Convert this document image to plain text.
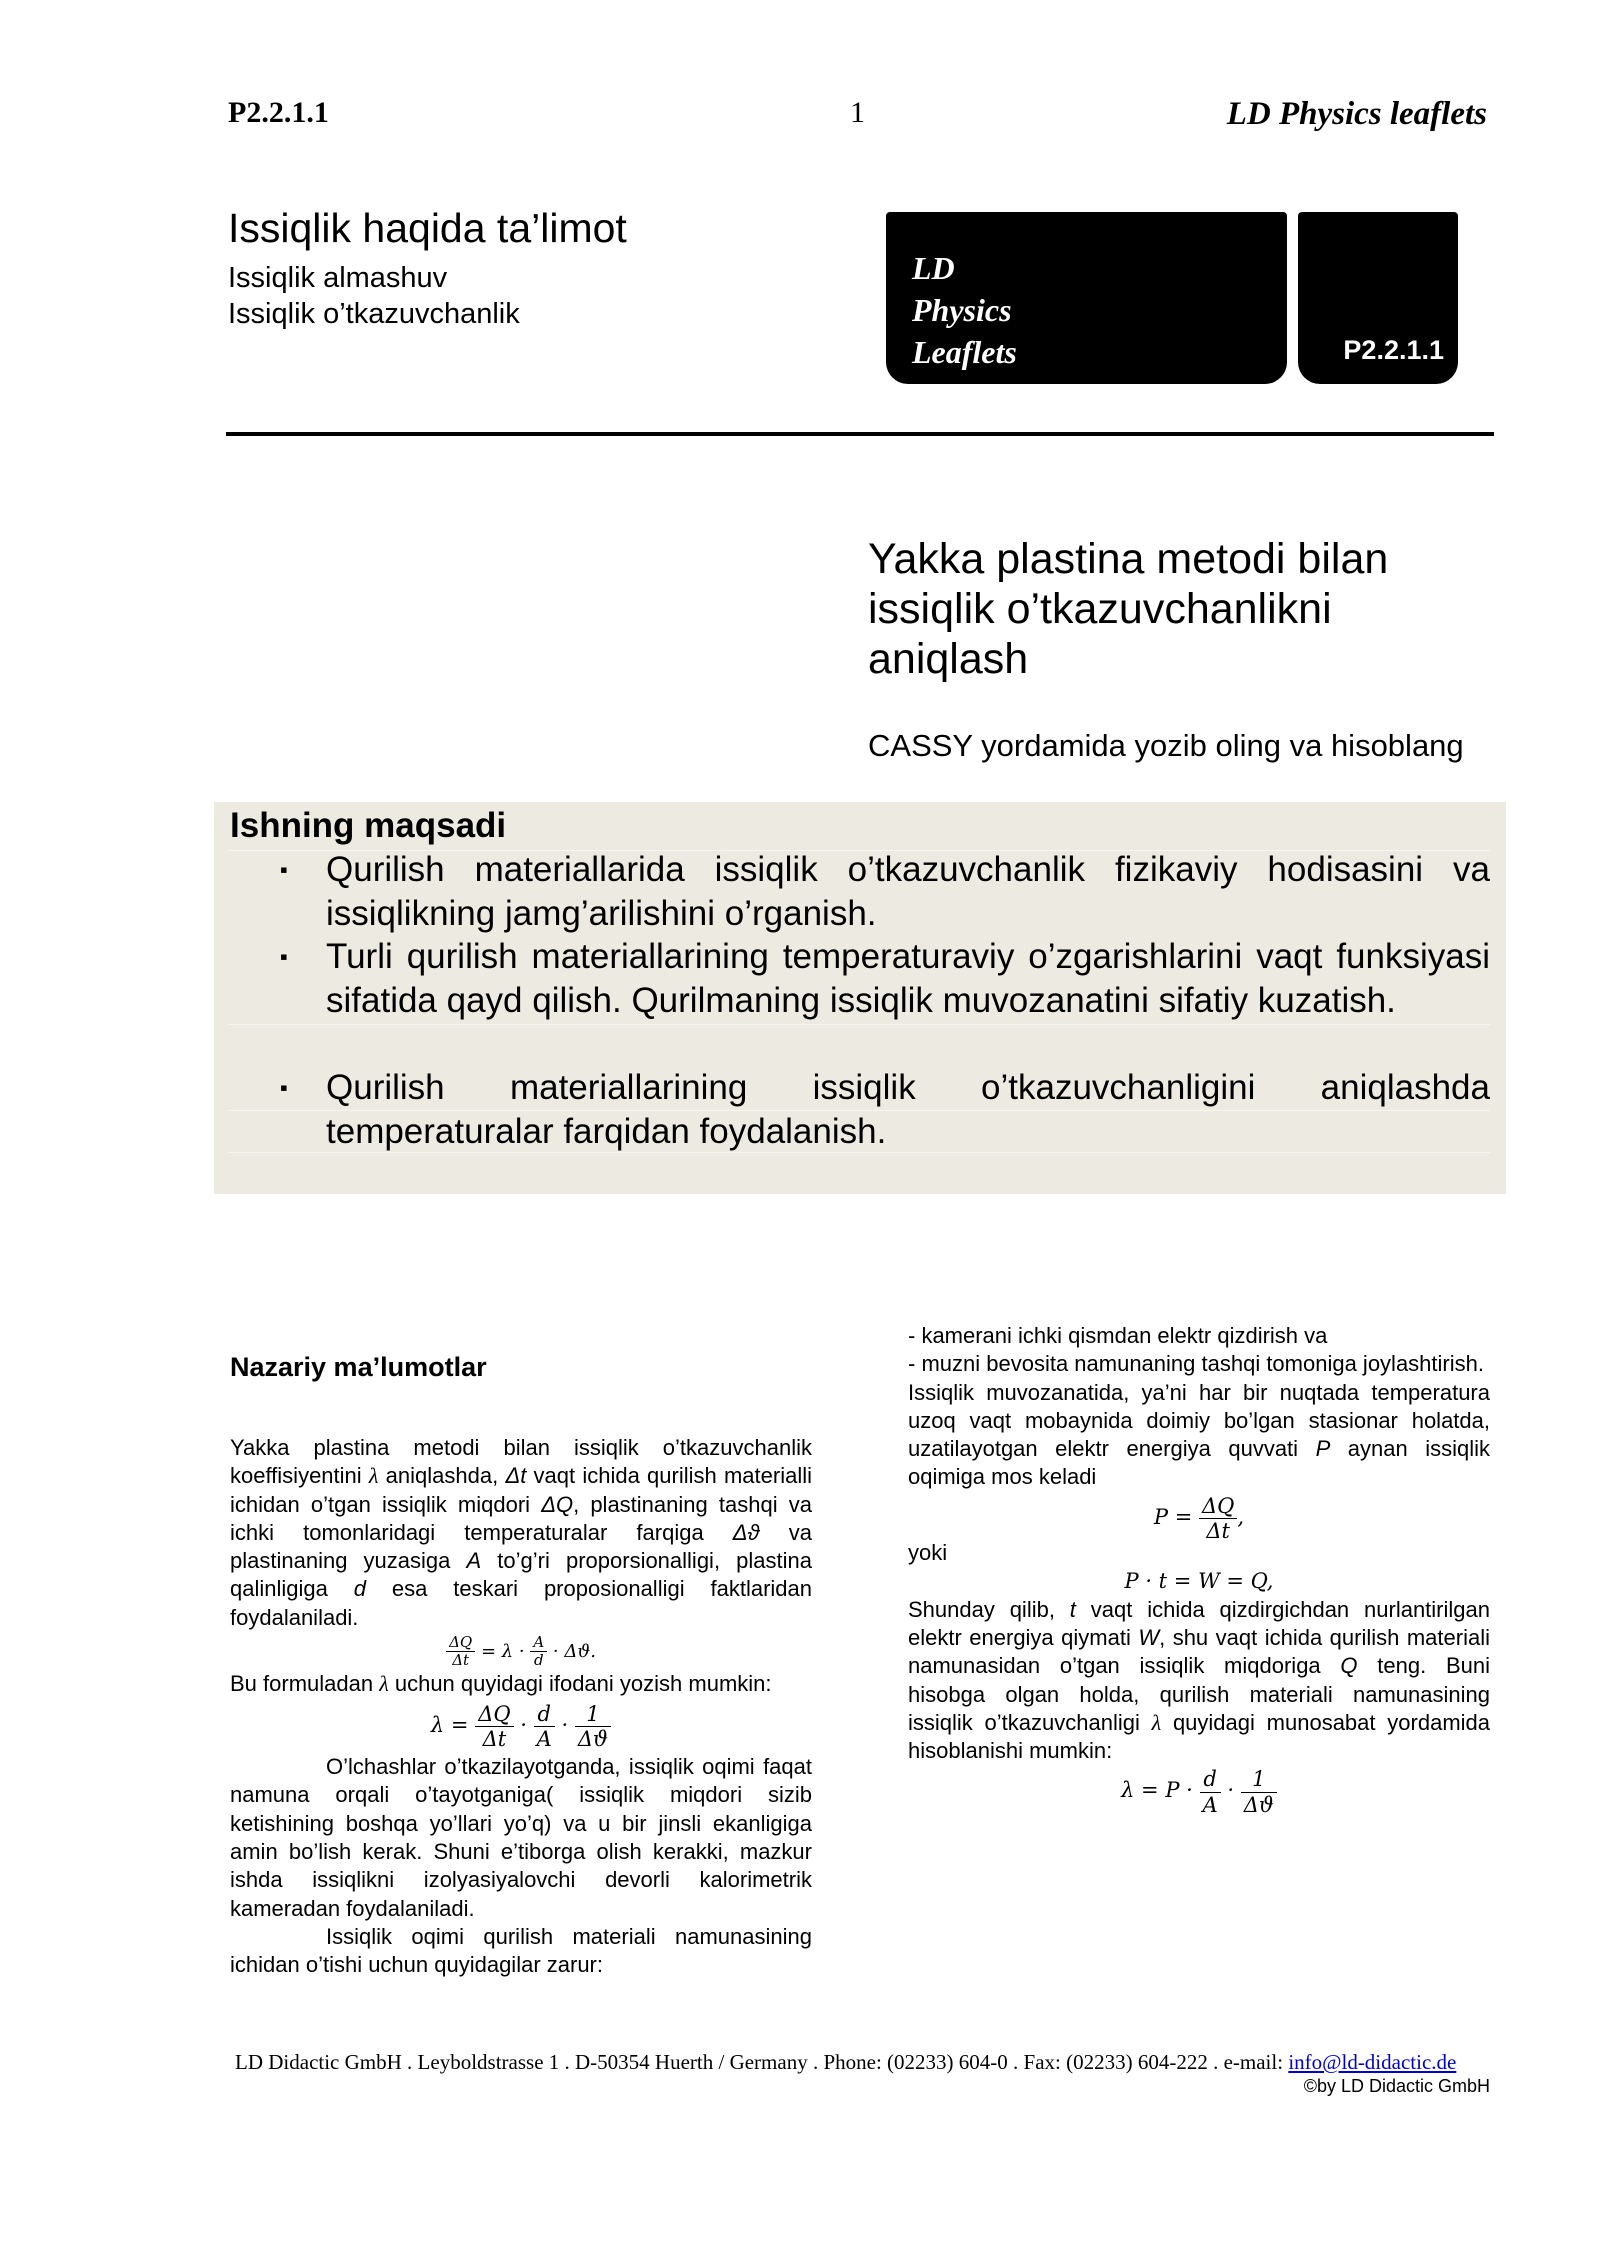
P2.2.1.1	1	LD Physics leaflets
Issiqlik haqida ta’limot
Issiqlik almashuv
Issiqlik o’tkazuvchanlik
LD
Physics
Leaflets	P2.2.1.1
Yakka plastina metodi bilan issiqlik o’tkazuvchanlikni aniqlash
CASSY yordamida yozib oling va hisoblang
Ishning maqsadi
▪ Qurilish materiallarida issiqlik o’tkazuvchanlik fizikaviy hodisasini va issiqlikning jamg’arilishini o’rganish.
▪ Turli qurilish materiallarining temperaturaviy o’zgarishlarini vaqt funksiyasi sifatida qayd qilish. Qurilmaning issiqlik muvozanatini sifatiy kuzatish.
▪ Qurilish materiallarining issiqlik o’tkazuvchanligini aniqlashda temperaturalar farqidan foydalanish.
Nazariy ma’lumotlar

Yakka plastina metodi bilan issiqlik o’tkazuvchanlik koeffisiyentini λ aniqlashda, Δt vaqt ichida qurilish materialli ichidan o’tgan issiqlik miqdori ΔQ, plastinaning tashqi va ichki tomonlaridagi temperaturalar farqiga Δϑ va plastinaning yuzasiga A to’g’ri proporsionalligi, plastina qalinligiga d esa teskari proposionalligi faktlaridan foydalaniladi.

$\frac{\Delta Q}{\Delta t} = \lambda \cdot \frac{A}{d} \cdot \Delta ϑ$.

Bu formuladan λ uchun quyidagi ifodani yozish mumkin:

$\lambda = \frac{\Delta Q}{\Delta t} \cdot \frac{d}{A} \cdot \frac{1}{\Delta ϑ}$

O’lchashlar o’tkazilayotganda, issiqlik oqimi faqat namuna orqali o’tayotganiga( issiqlik miqdori sizib ketishining boshqa yo’llari yo’q) va u bir jinsli ekanligiga amin bo’lish kerak. Shuni e’tiborga olish kerakki, mazkur ishda issiqlikni izolyasiyalovchi devorli kalorimetrik kameradan foydalaniladi.

Issiqlik oqimi qurilish materiali namunasining ichidan o’tishi uchun quyidagilar zarur:

- kamerani ichki qismdan elektr qizdirish va

- muzni bevosita namunaning tashqi tomoniga joylashtirish.

Issiqlik muvozanatida, ya’ni har bir nuqtada temperatura uzoq vaqt mobaynida doimiy bo’lgan stasionar holatda, uzatilayotgan elektr energiya quvvati P aynan issiqlik oqimiga mos keladi

$P = \frac{\Delta Q}{\Delta t}$ ,

yoki

P · t = W = Q,

Shunday qilib, t vaqt ichida qizdirgichdan nurlantirilgan elektr energiya qiymati W, shu vaqt ichida qurilish materiali namunasidan o’tgan issiqlik miqdoriga Q teng. Buni hisobga olgan holda, qurilish materiali namunasining issiqlik o’tkazuvchanligi λ quyidagi munosabat yordamida hisoblanishi mumkin:

$\lambda = P \cdot \frac{d}{A} \cdot \frac{1}{\Delta ϑ}$

LD Didactic GmbH . Leyboldstrasse 1 . D-50354 Huerth / Germany . Phone: (02233) 604-0 . Fax: (02233) 604-222 . e-mail: info@ld-didactic.de
©by LD Didactic GmbH
